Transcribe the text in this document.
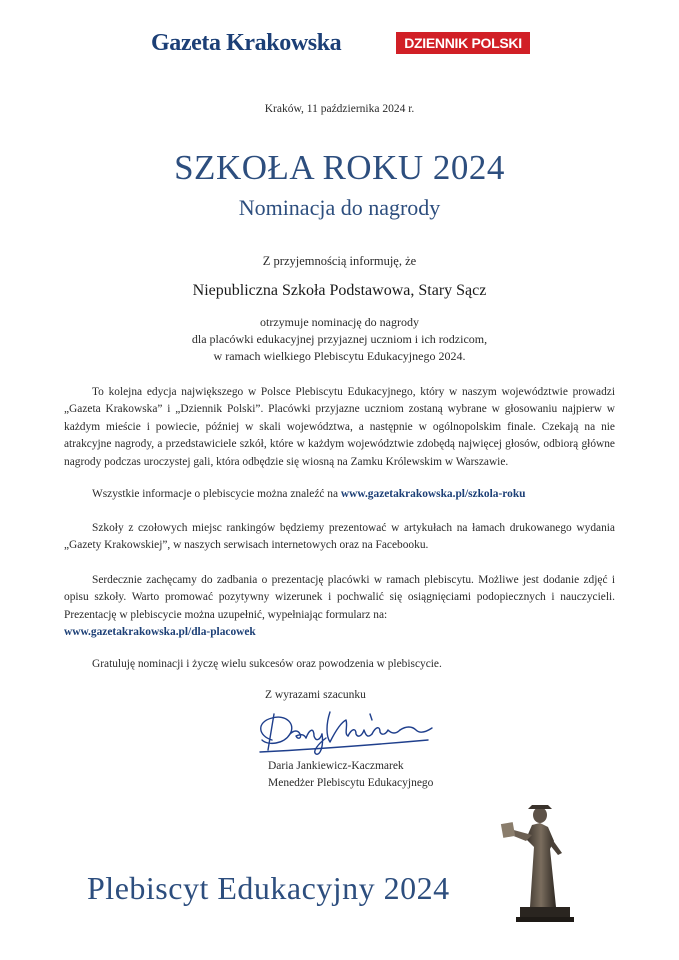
Gazeta Krakowska	DZIENNIK POLSKI
Kraków, 11 października 2024 r.
SZKOŁA ROKU 2024
Nominacja do nagrody
Z przyjemnością informuję, że
Niepubliczna Szkoła Podstawowa, Stary Sącz
otrzymuje nominację do nagrody
dla placówki edukacyjnej przyjaznej uczniom i ich rodzicom,
w ramach wielkiego Plebiscytu Edukacyjnego 2024.
To kolejna edycja największego w Polsce Plebiscytu Edukacyjnego, który w naszym województwie prowadzi „Gazeta Krakowska” i „Dziennik Polski”. Placówki przyjazne uczniom zostaną wybrane w głosowaniu najpierw w każdym mieście i powiecie, później w skali województwa, a następnie w ogólnopolskim finale. Czekają na nie atrakcyjne nagrody, a przedstawiciele szkół, które w każdym województwie zdobędą najwięcej głosów, odbiorą główne nagrody podczas uroczystej gali, która odbędzie się wiosną na Zamku Królewskim w Warszawie.
Wszystkie informacje o plebiscycie można znaleźć na www.gazetakrakowska.pl/szkola-roku
Szkoły z czołowych miejsc rankingów będziemy prezentować w artykułach na łamach drukowanego wydania „Gazety Krakowskiej”, w naszych serwisach internetowych oraz na Facebooku.
Serdecznie zachęcamy do zadbania o prezentację placówki w ramach plebiscytu. Możliwe jest dodanie zdjęć i opisu szkoły. Warto promować pozytywny wizerunek i pochwalić się osiągnięciami podopiecznych i nauczycieli. Prezentację w plebiscycie można uzupełnić, wypełniając formularz na:
www.gazetakrakowska.pl/dla-placowek
Gratuluję nominacji i życzę wielu sukcesów oraz powodzenia w plebiscycie.
Z wyrazami szacunku
Daria Jankiewicz-Kaczmarek
Menedżer Plebiscytu Edukacyjnego
Plebiscyt Edukacyjny 2024
